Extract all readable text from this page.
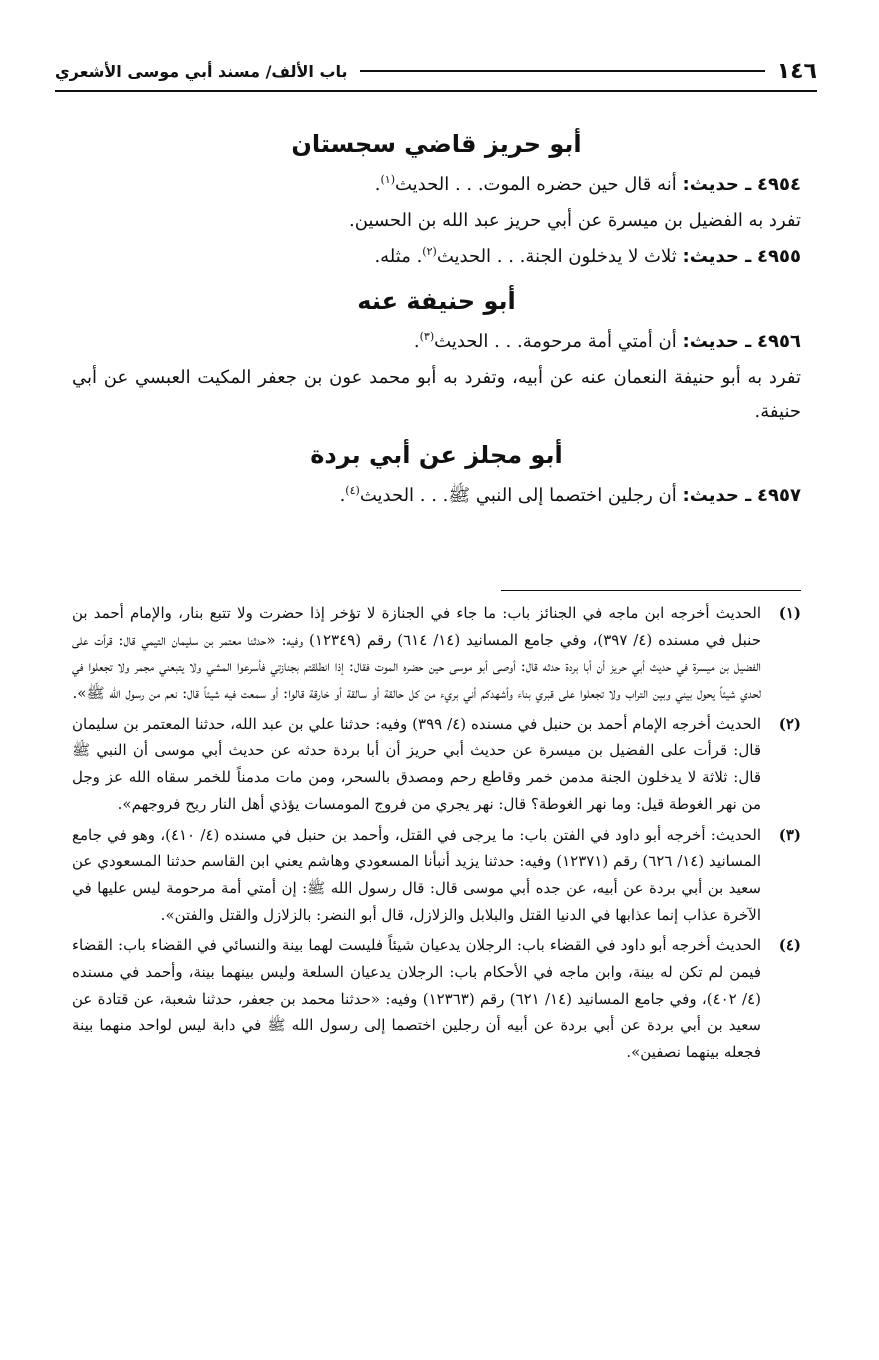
١٤٦
باب الألف/ مسند أبي موسى الأشعري
أبو حريز قاضي سجستان
٤٩٥٤ ـ حديث: أنه قال حين حضره الموت. . . الحديث$^{(١)}$.
تفرد به الفضيل بن ميسرة عن أبي حريز عبد الله بن الحسين.
٤٩٥٥ ـ حديث: ثلاث لا يدخلون الجنة. . . الحديث$^{(٢)}$. مثله.
أبو حنيفة عنه
٤٩٥٦ ـ حديث: أن أمتي أمة مرحومة. . . الحديث$^{(٣)}$.
تفرد به أبو حنيفة النعمان عنه عن أبيه، وتفرد به أبو محمد عون بن جعفر المكيت العبسي عن أبي حنيفة.
أبو مجلز عن أبي بردة
٤٩٥٧ ـ حديث: أن رجلين اختصما إلى النبي ﷺ. . . الحديث$^{(٤)}$.
(١)
الحديث أخرجه ابن ماجه في الجنائز باب: ما جاء في الجنازة لا تؤخر إذا حضرت ولا تتبع بنار، والإمام أحمد بن حنبل في مسنده (٤/ ٣٩٧)، وفي جامع المسانيد (١٤/ ٦١٤) رقم (١٢٣٤٩) وفيه: «حدثنا معتمر بن سليمان التيمي قال: قرأت على الفضيل بن ميسرة في حديث أبي حريز أن أبا بردة حدثه قال: أوصى أبو موسى حين حضره الموت فقال: إذا انطلقتم بجنازتي فأسرعوا المشي ولا يتبعني مجمر ولا تجعلوا في لحدي شيئاً يحول بيني وبين التراب ولا تجعلوا على قبري بناء وأشهدكم أني بريء من كل حالقة أو سالقة أو خارقة قالوا: أو سمعت فيه شيئاً قال: نعم من رسول الله ﷺ».
(٢)
الحديث أخرجه الإمام أحمد بن حنبل في مسنده (٤/ ٣٩٩) وفيه: حدثنا علي بن عبد الله، حدثنا المعتمر بن سليمان قال: قرأت على الفضيل بن ميسرة عن حديث أبي حريز أن أبا بردة حدثه عن حديث أبي موسى أن النبي ﷺ قال: ثلاثة لا يدخلون الجنة مدمن خمر وقاطع رحم ومصدق بالسحر، ومن مات مدمناً للخمر سقاه الله عز وجل من نهر الغوطة قيل: وما نهر الغوطة؟ قال: نهر يجري من فروج المومسات يؤذي أهل النار ريح فروجهم».
(٣)
الحديث: أخرجه أبو داود في الفتن باب: ما يرجى في القتل، وأحمد بن حنبل في مسنده (٤/ ٤١٠)، وهو في جامع المسانيد (١٤/ ٦٢٦) رقم (١٢٣٧١) وفيه: حدثنا يزيد أنبأنا المسعودي وهاشم يعني ابن القاسم حدثنا المسعودي عن سعيد بن أبي بردة عن أبيه، عن جده أبي موسى قال: قال رسول الله ﷺ: إن أمتي أمة مرحومة ليس عليها في الآخرة عذاب إنما عذابها في الدنيا القتل والبلابل والزلازل، قال أبو النضر: بالزلازل والقتل والفتن».
(٤)
الحديث أخرجه أبو داود في القضاء باب: الرجلان يدعيان شيئاً فليست لهما بينة والنسائي في القضاء باب: القضاء فيمن لم تكن له بينة، وابن ماجه في الأحكام باب: الرجلان يدعيان السلعة وليس بينهما بينة، وأحمد في مسنده (٤/ ٤٠٢)، وفي جامع المسانيد (١٤/ ٦٢١) رقم (١٢٣٦٣) وفيه: «حدثنا محمد بن جعفر، حدثنا شعبة، عن قتادة عن سعيد بن أبي بردة عن أبي بردة عن أبيه أن رجلين اختصما إلى رسول الله ﷺ في دابة ليس لواحد منهما بينة فجعله بينهما نصفين».
